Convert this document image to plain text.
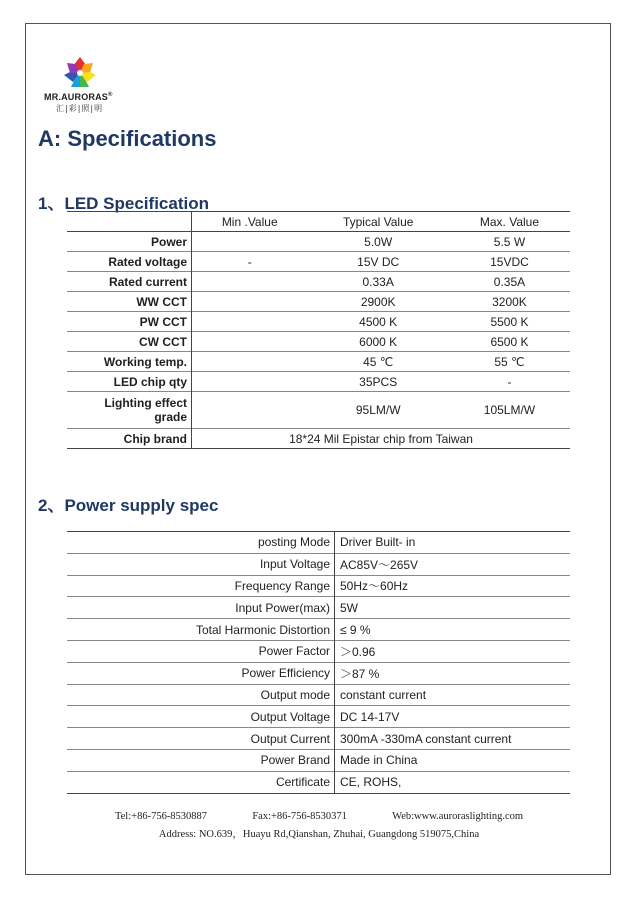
MR.AURORAS®
汇|彩|照|明
A: Specifications
1、LED Specification
	Min .Value	Typical Value	Max. Value
Power		5.0W	5.5 W
Rated voltage	-	15V DC	15VDC
Rated current		0.33A	0.35A
WW CCT		2900K	3200K
PW CCT		4500 K	5500 K
CW CCT		6000 K	6500 K
Working temp.		45 ℃	55 ℃
LED chip qty		35PCS	-
Lighting effect grade		95LM/W	105LM/W
Chip brand	18*24 Mil Epistar chip from Taiwan		
2、Power supply spec
posting Mode	Driver Built- in
Input Voltage	AC85V～265V
Frequency Range	50Hz～60Hz
Input Power(max)	5W
Total Harmonic Distortion	≤ 9 %
Power Factor	＞0.96
Power Efficiency	＞87 %
Output mode	constant current
Output Voltage	DC 14-17V
Output Current	300mA -330mA constant current
Power Brand	Made in China
Certificate	CE, ROHS,
Tel:+86-756-8530887	Fax:+86-756-8530371	Web:www.auroraslighting.com
Address: NO.639，Huayu Rd,Qianshan, Zhuhai, Guangdong 519075,China
